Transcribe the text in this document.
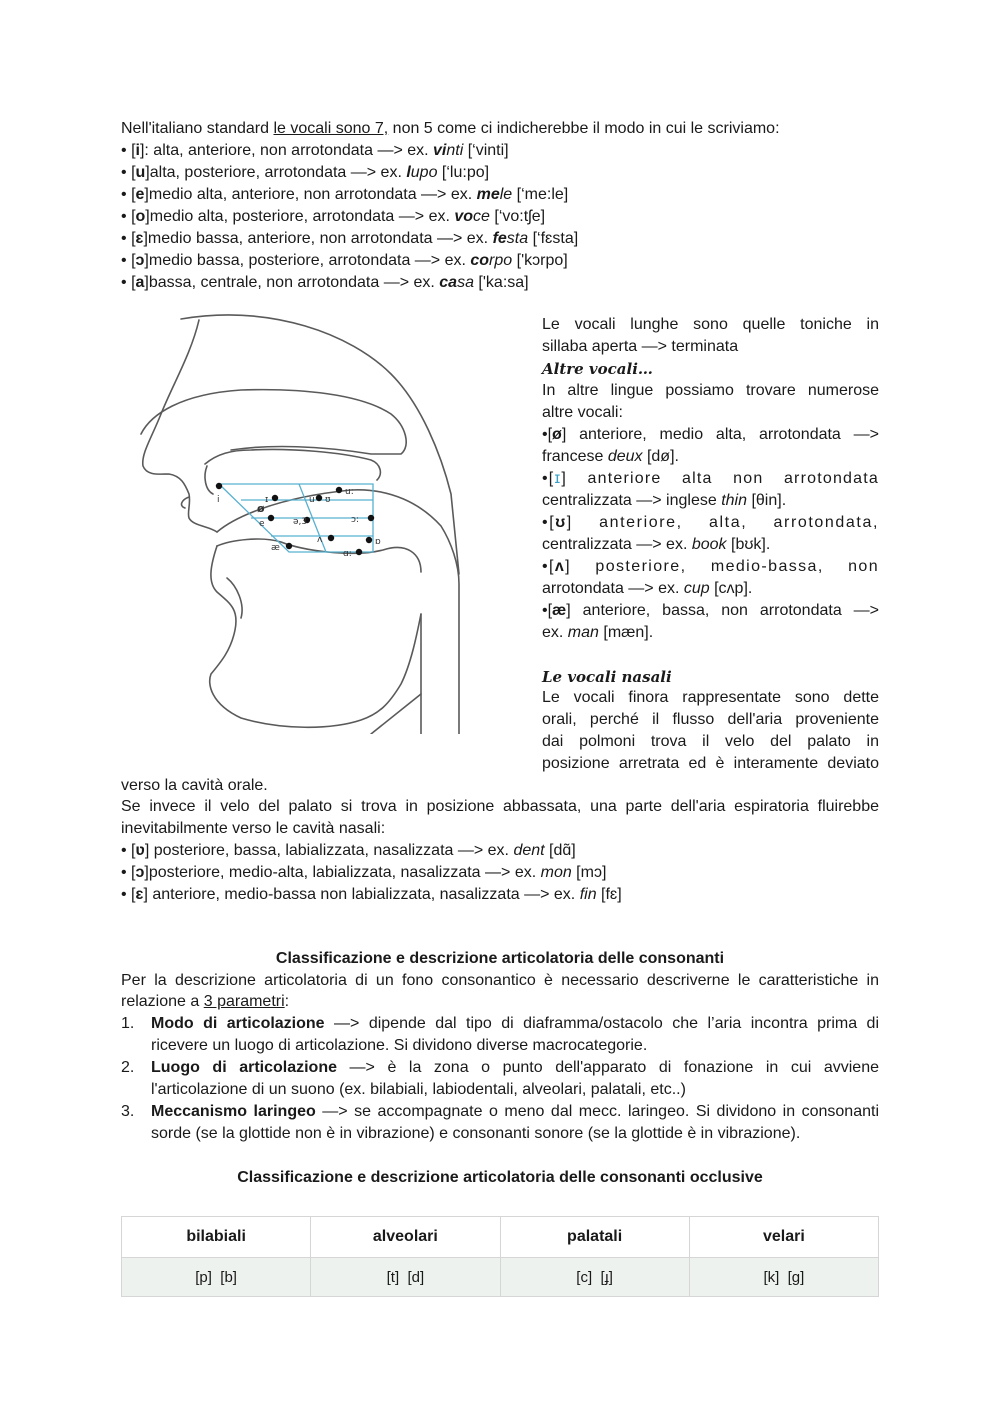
Nell'italiano standard le vocali sono 7, non 5 come ci indicherebbe il modo in cui le scriviamo:
• [i]: alta, anteriore, non arrotondata —> ex. vinti [‘vinti]
• [u]alta, posteriore, arrotondata —> ex. lupo [‘lu:po]
• [e]medio alta, anteriore, non arrotondata —> ex. mele [‘me:le]
• [o]medio alta, posteriore, arrotondata —> ex. voce [‘vo:tʃe]
• [ɛ]medio bassa, anteriore, non arrotondata —> ex. festa [‘fɛsta]
• [ɔ]medio bassa, posteriore, arrotondata —> ex. corpo ['kɔrpo]
• [a]bassa, centrale, non arrotondata —> ex. casa ['ka:sa]
i	ɪ
ø
e
æ
ə,3
ʌ
u ʊ
u:
ɔ:
ɒ
ɑ:
Le vocali lunghe sono quelle toniche in
sillaba aperta —> terminata
Altre vocali…
In altre lingue possiamo trovare numerose
altre vocali:
•[ø] anteriore, medio alta, arrotondata —>
francese deux [dø].
•[ɪ] anteriore alta non arrotondata
centralizzata —> inglese thin [θin].
•[ʊ] anteriore, alta, arrotondata,
centralizzata —> ex. book [bʊk].
•[ʌ] posteriore, medio-bassa, non
arrotondata —> ex. cup [cʌp].
•[æ] anteriore, bassa, non arrotondata —>
ex. man [mæn].
Le vocali nasali
Le vocali finora rappresentate sono dette
orali, perché il flusso dell'aria proveniente
dai polmoni trova il velo del palato in
posizione arretrata ed è interamente deviato
verso la cavità orale.
Se invece il velo del palato si trova in posizione abbassata, una parte dell'aria espiratoria fluirebbe
inevitabilmente verso le cavità nasali:
• [ʋ] posteriore, bassa, labializzata, nasalizzata —> ex. dent [dɑ̃]
• [ɔ]posteriore, medio-alta, labializzata, nasalizzata —> ex. mon [mɔ]
• [ɛ] anteriore, medio-bassa non labializzata, nasalizzata —> ex. fin [fɛ]
Classificazione e descrizione articolatoria delle consonanti
Per la descrizione articolatoria di un fono consonantico è necessario descriverne le caratteristiche in
relazione a 3 parametri:
1.	Modo di articolazione —> dipende dal tipo di diaframma/ostacolo che l’aria incontra prima di
ricevere un luogo di articolazione. Si dividono diverse macrocategorie.
2.	Luogo di articolazione —> è la zona o punto dell'apparato di fonazione in cui avviene
l'articolazione di un suono (ex. bilabiali, labiodentali, alveolari, palatali, etc..)
3.	Meccanismo laringeo —> se accompagnate o meno dal mecc. laringeo. Si dividono in consonanti
sorde (se la glottide non è in vibrazione) e consonanti sonore (se la glottide è in vibrazione).
Classificazione e descrizione articolatoria delle consonanti occlusive
bilabiali	alveolari	palatali	velari
[p]  [b]	[t]  [d]	[c]  [ɟ]	[k]  [g]
